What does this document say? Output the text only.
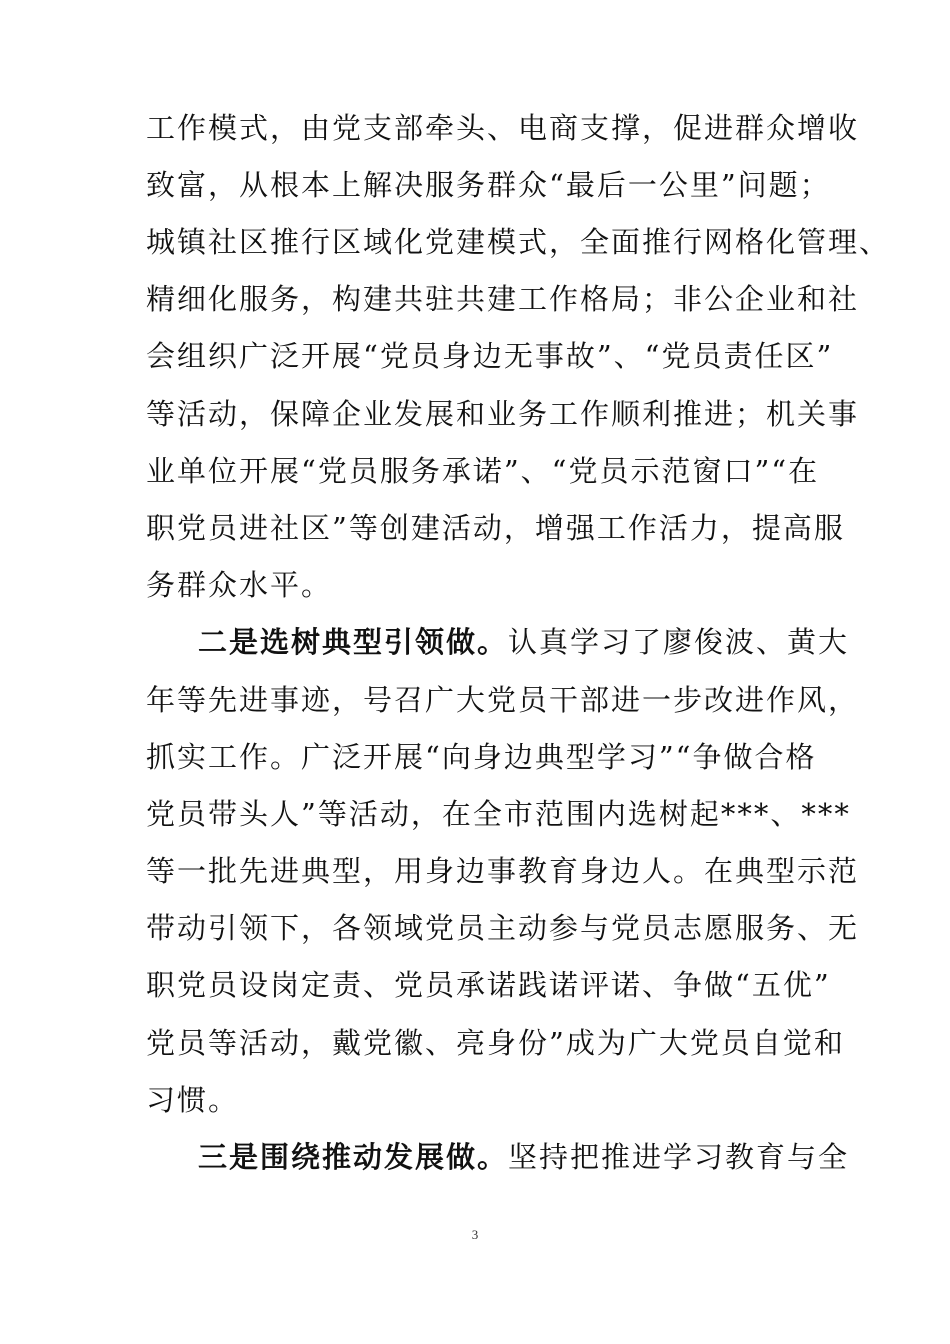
工作模式，由党支部牵头、电商支撑，促进群众增收
致富，从根本上解决服务群众“最后一公里”问题；
城镇社区推行区域化党建模式，全面推行网格化管理、
精细化服务，构建共驻共建工作格局；非公企业和社
会组织广泛开展“党员身边无事故”、“党员责任区”
等活动，保障企业发展和业务工作顺利推进；机关事
业单位开展“党员服务承诺”、“党员示范窗口”“在
职党员进社区”等创建活动，增强工作活力，提高服
务群众水平。
二是选树典型引领做。认真学习了廖俊波、黄大
年等先进事迹，号召广大党员干部进一步改进作风，
抓实工作。广泛开展“向身边典型学习”“争做合格
党员带头人”等活动，在全市范围内选树起***、***
等一批先进典型，用身边事教育身边人。在典型示范
带动引领下，各领域党员主动参与党员志愿服务、无
职党员设岗定责、党员承诺践诺评诺、争做“五优”
党员等活动，戴党徽、亮身份”成为广大党员自觉和
习惯。
三是围绕推动发展做。坚持把推进学习教育与全
3
